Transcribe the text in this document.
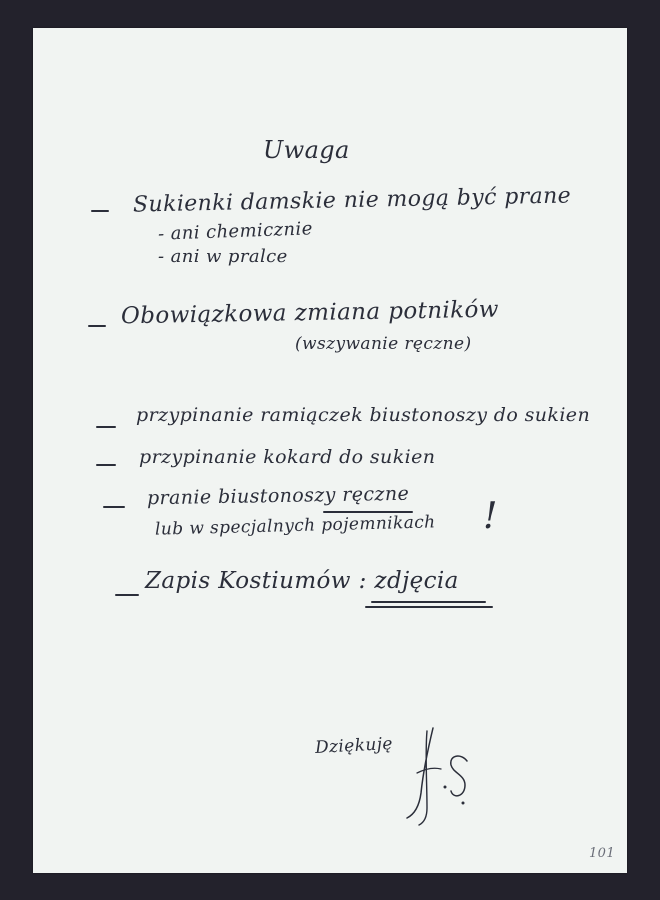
Uwaga
Sukienki damskie nie mogą być prane
- ani chemicznie
- ani w pralce
Obowiązkowa zmiana potników
(wszywanie ręczne)
przypinanie ramiączek biustonoszy do sukien
przypinanie kokard do sukien
pranie biustonoszy ręczne
lub w specjalnych pojemnikach !
Zapis Kostiumów : zdjęcia
Dziękuję
101
